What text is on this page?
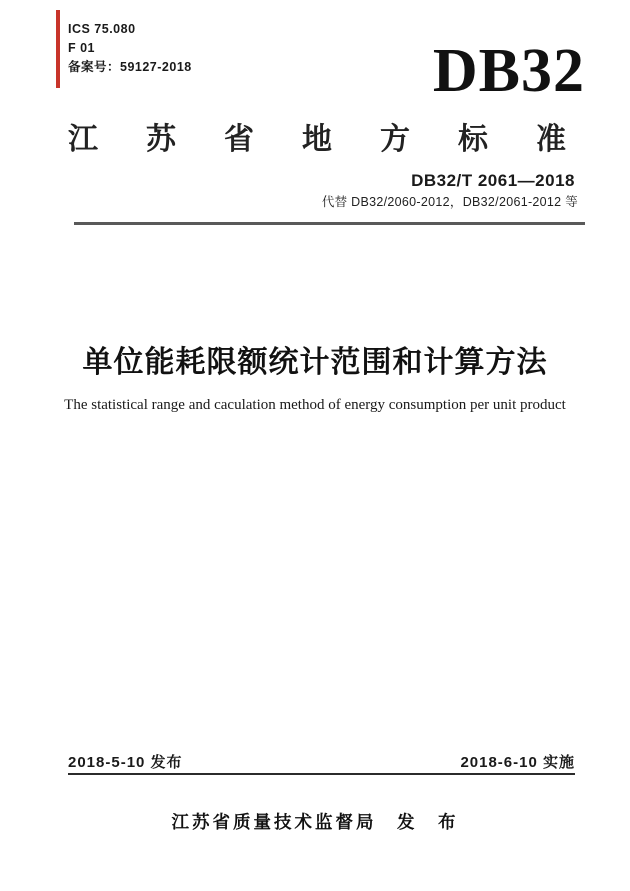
ICS 75.080
F 01
备案号：59127-2018	DB32
江苏省地方标准
DB32/T 2061—2018
代替 DB32/2060-2012，DB32/2061-2012 等
单位能耗限额统计范围和计算方法
The statistical range and caculation method of energy consumption per unit product
2018-5-10 发布	2018-6-10 实施
江苏省质量技术监督局　发　布
